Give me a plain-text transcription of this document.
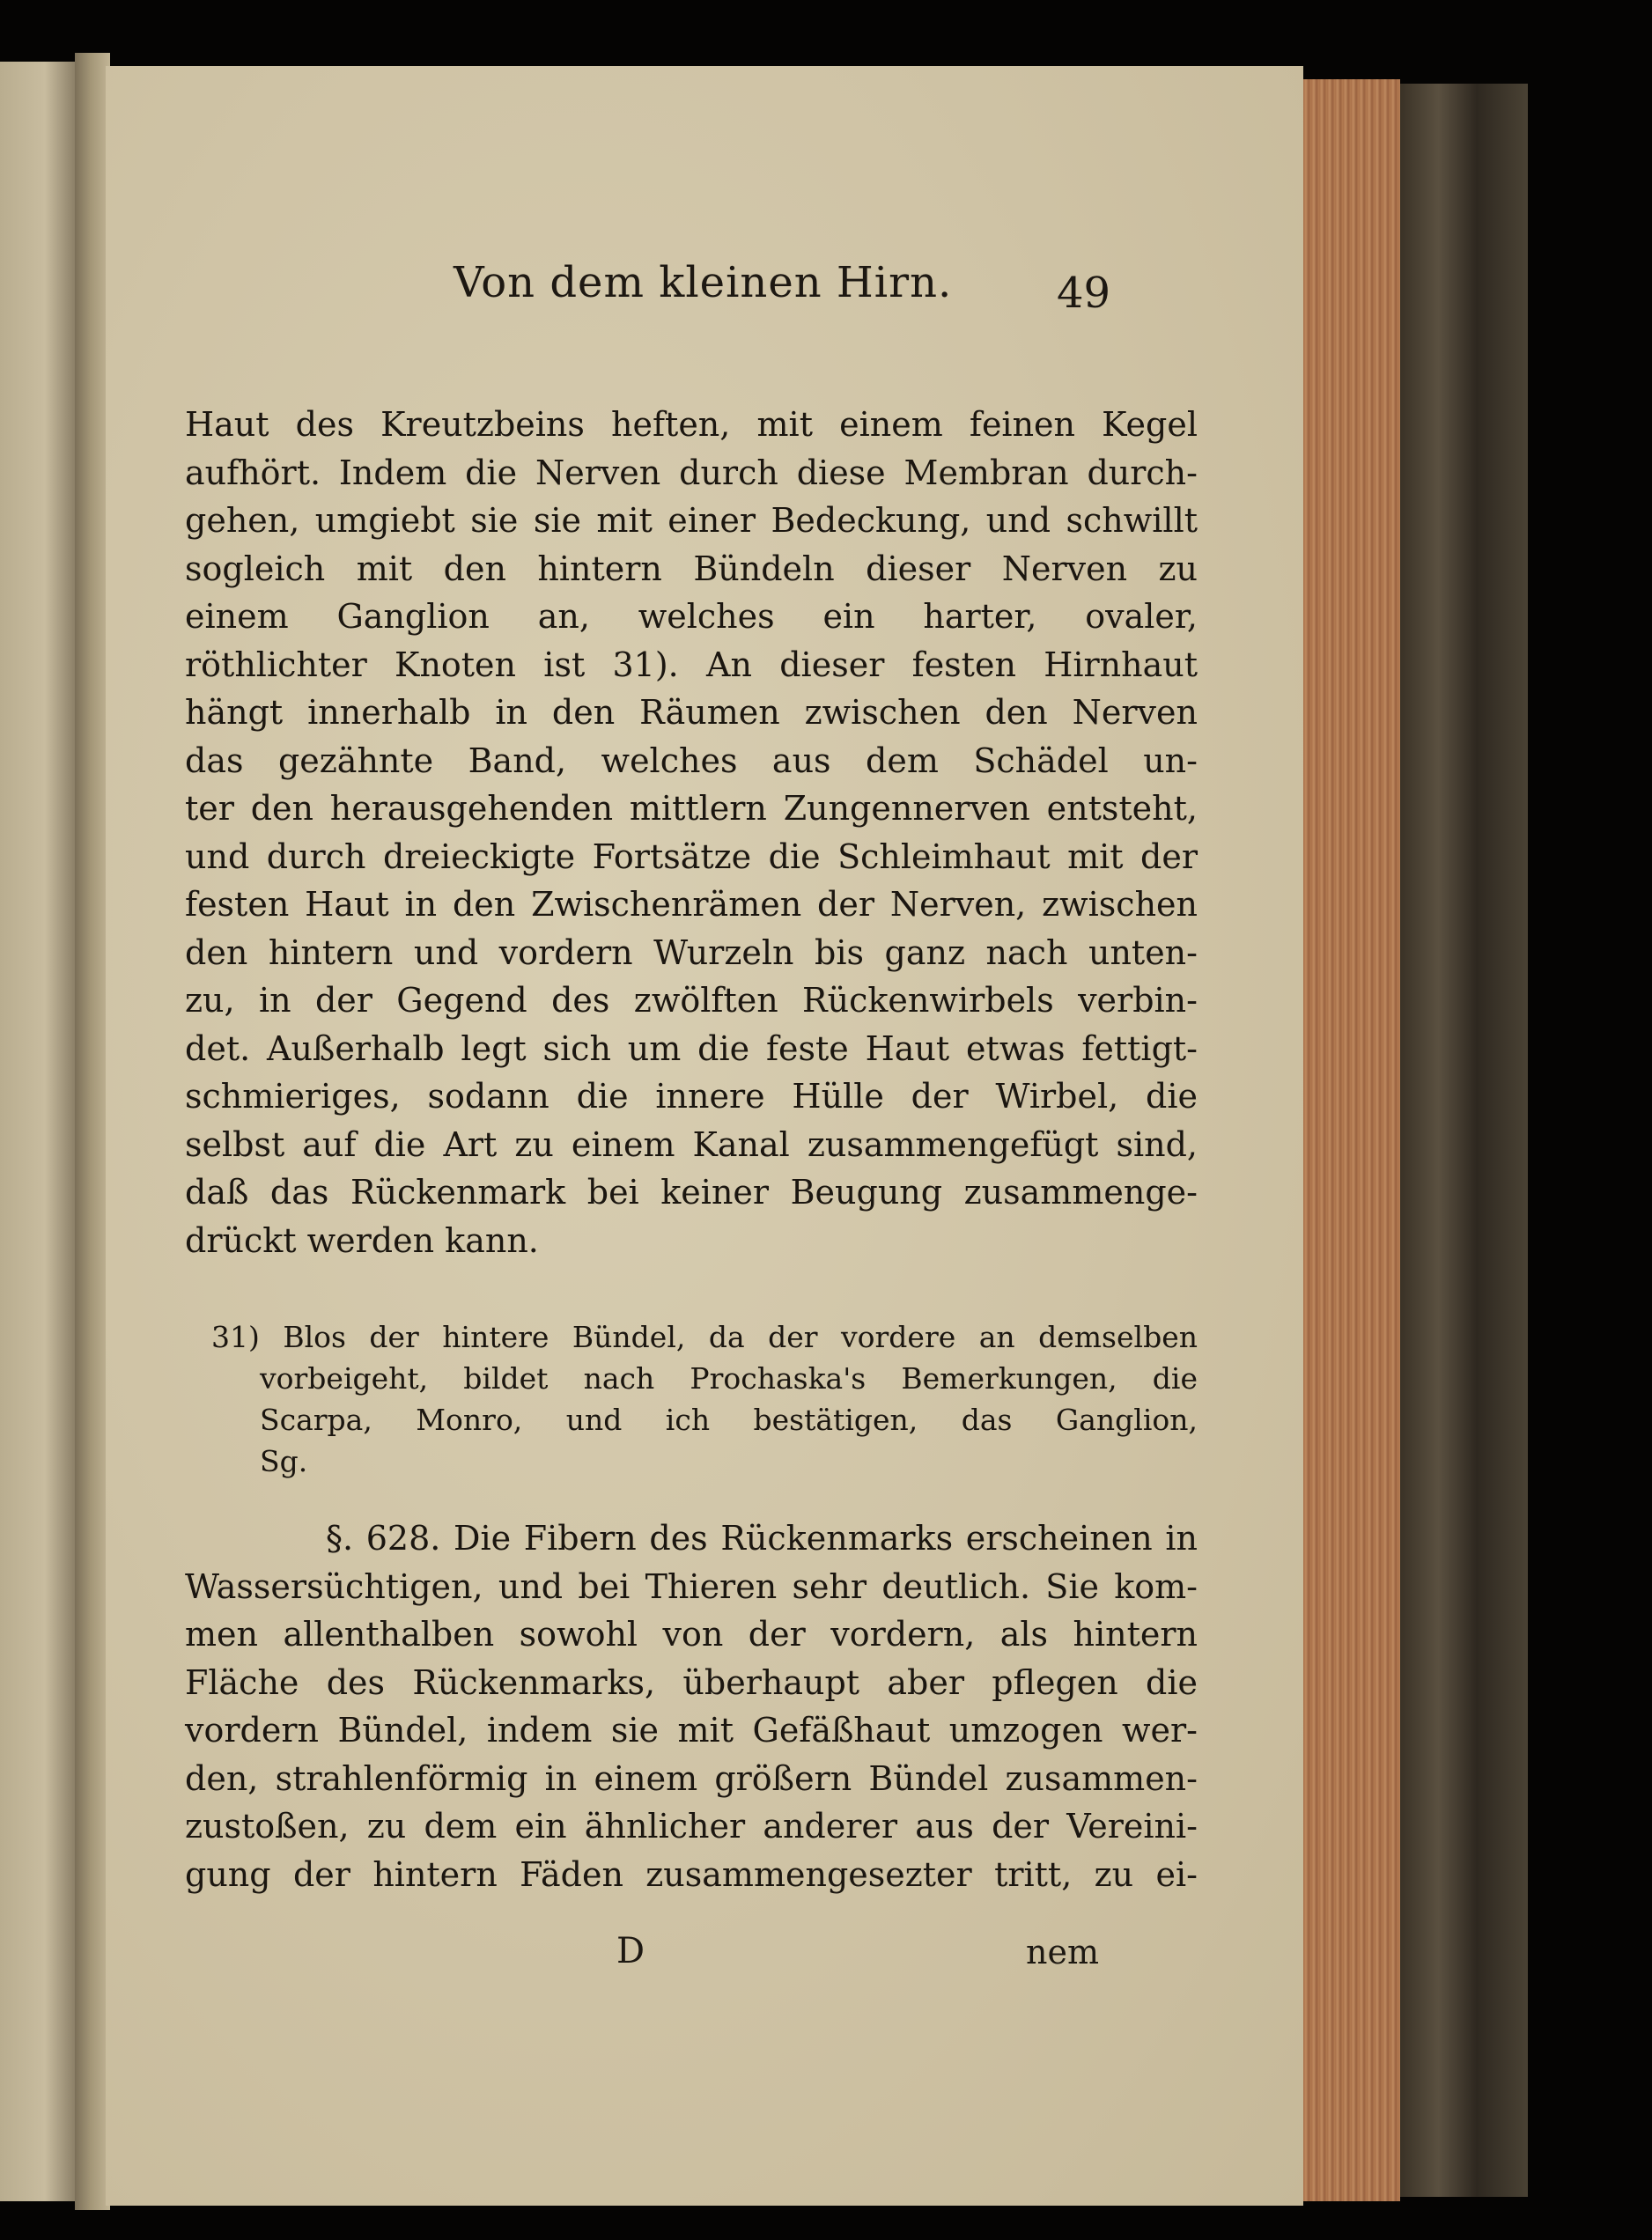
Von dem kleinen Hirn. 49
Haut des Kreutzbeins heften, mit einem feinen Kegel
aufhört. Indem die Nerven durch diese Membran durch-
gehen, umgiebt sie sie mit einer Bedeckung, und schwillt
sogleich mit den hintern Bündeln dieser Nerven zu
einem Ganglion an, welches ein harter, ovaler,
röthlichter Knoten ist 31). An dieser festen Hirnhaut
hängt innerhalb in den Räumen zwischen den Nerven
das gezähnte Band, welches aus dem Schädel un-
ter den herausgehenden mittlern Zungennerven entsteht,
und durch dreieckigte Fortsätze die Schleimhaut mit der
festen Haut in den Zwischenrämen der Nerven, zwischen
den hintern und vordern Wurzeln bis ganz nach unten-
zu, in der Gegend des zwölften Rückenwirbels verbin-
det. Außerhalb legt sich um die feste Haut etwas fettigt-
schmieriges, sodann die innere Hülle der Wirbel, die
selbst auf die Art zu einem Kanal zusammengefügt sind,
daß das Rückenmark bei keiner Beugung zusammenge-
drückt werden kann.
31) Blos der hintere Bündel, da der vordere an demselben
vorbeigeht, bildet nach Prochaska's Bemerkungen, die
Scarpa, Monro, und ich bestätigen, das Ganglion,
Sg.
§. 628. Die Fibern des Rückenmarks erscheinen in
Wassersüchtigen, und bei Thieren sehr deutlich. Sie kom-
men allenthalben sowohl von der vordern, als hintern
Fläche des Rückenmarks, überhaupt aber pflegen die
vordern Bündel, indem sie mit Gefäßhaut umzogen wer-
den, strahlenförmig in einem größern Bündel zusammen-
zustoßen, zu dem ein ähnlicher anderer aus der Vereini-
gung der hintern Fäden zusammengesezter tritt, zu ei-
D	nem
